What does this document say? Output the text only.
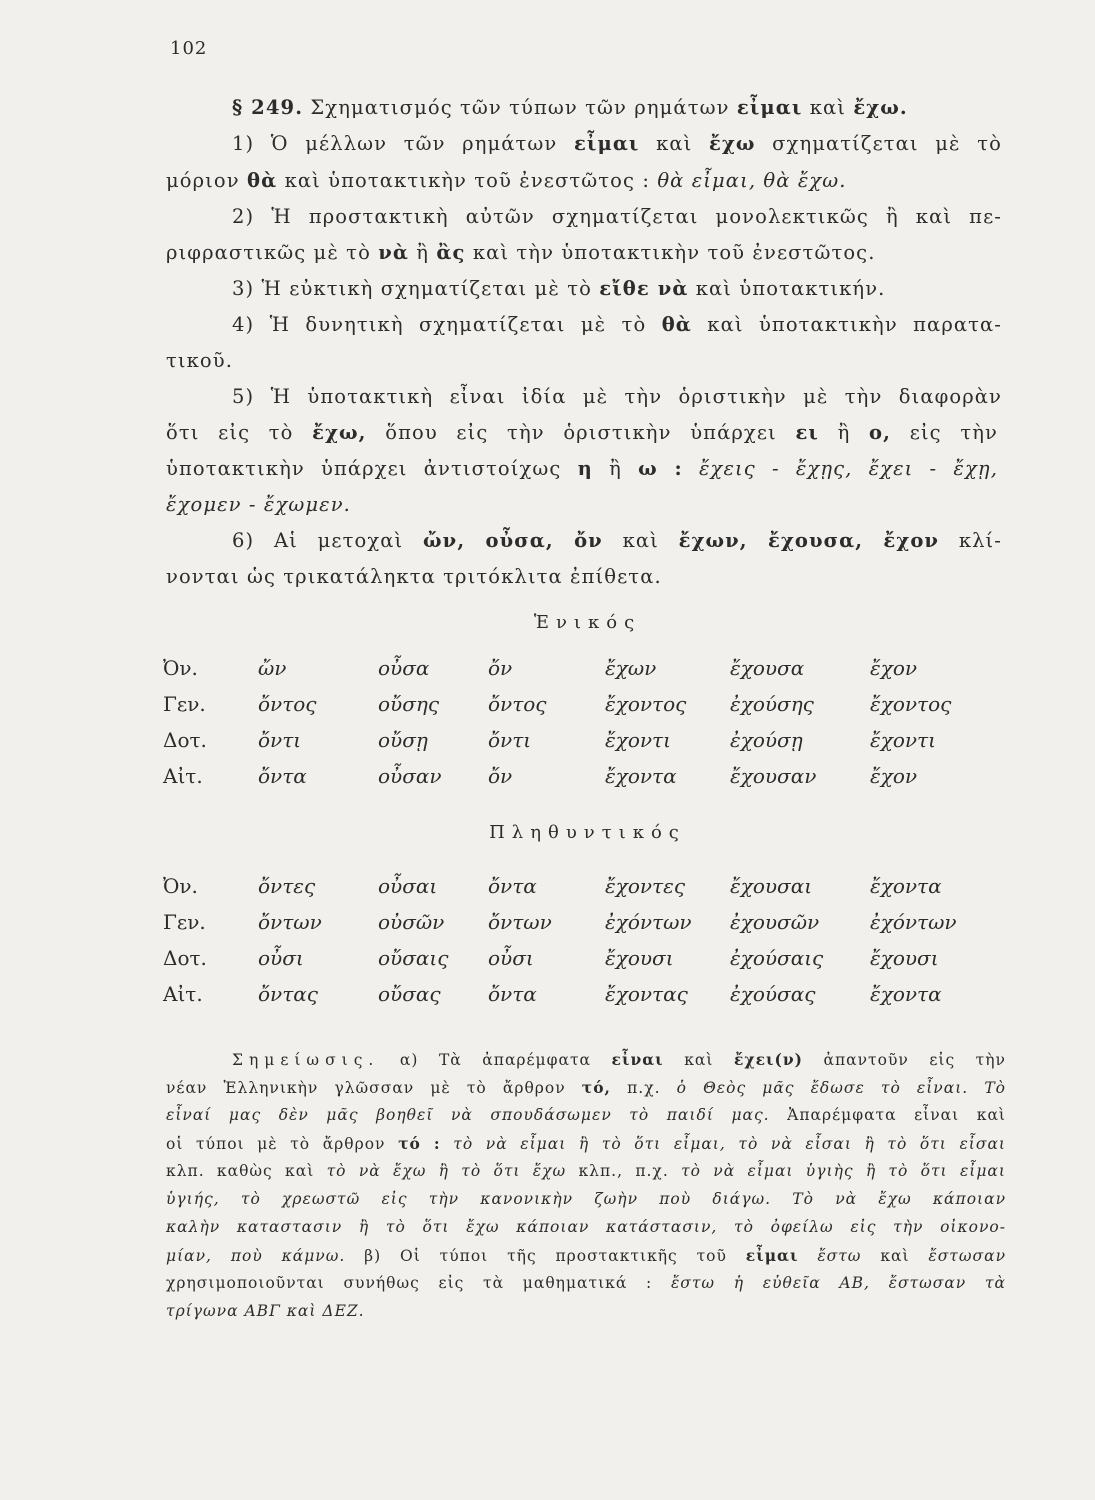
102
§ 249. Σχηματισμός τῶν τύπων τῶν ρημάτων εἶμαι καὶ ἔχω.
1) Ὁ μέλλων τῶν ρημάτων εἶμαι καὶ ἔχω σχηματίζεται μὲ τὸ
μόριον θὰ καὶ ὑποτακτικὴν τοῦ ἐνεστῶτος : θὰ εἶμαι, θὰ ἔχω.
2) Ἡ προστακτικὴ αὐτῶν σχηματίζεται μονολεκτικῶς ἢ καὶ πε-
ριφραστικῶς μὲ τὸ νὰ ἢ ἂς καὶ τὴν ὑποτακτικὴν τοῦ ἐνεστῶτος.
3) Ἡ εὐκτικὴ σχηματίζεται μὲ τὸ εἴθε νὰ καὶ ὑποτακτικήν.
4) Ἡ δυνητικὴ σχηματίζεται μὲ τὸ θὰ καὶ ὑποτακτικὴν παρατα-
τικοῦ.
5) Ἡ ὑποτακτικὴ εἶναι ἰδία μὲ τὴν ὁριστικὴν μὲ τὴν διαφορὰν
ὅτι εἰς τὸ ἔχω, ὅπου εἰς τὴν ὁριστικὴν ὑπάρχει ει ἢ ο, εἰς τὴν
ὑποτακτικὴν ὑπάρχει ἀντιστοίχως η ἢ ω : ἔχεις - ἔχῃς, ἔχει - ἔχῃ,
ἔχομεν - ἔχωμεν.
6) Αἱ μετοχαὶ ὤν, οὖσα, ὄν καὶ ἔχων, ἔχουσα, ἔχον κλί-
νονται ὡς τρικατάληκτα τριτόκλιτα ἐπίθετα.
Ἑνικός
Ὀν.	ὤν	οὖσα	ὄν	ἔχων	ἔχουσα	ἔχον
Γεν.	ὄντος	οὔσης	ὄντος	ἔχοντος	ἐχούσης	ἔχοντος
Δοτ.	ὄντι	οὔσῃ	ὄντι	ἔχοντι	ἐχούσῃ	ἔχοντι
Αἰτ.	ὄντα	οὖσαν	ὄν	ἔχοντα	ἔχουσαν	ἔχον
Πληθυντικός
Ὀν.	ὄντες	οὖσαι	ὄντα	ἔχοντες	ἔχουσαι	ἔχοντα
Γεν.	ὄντων	οὐσῶν	ὄντων	ἐχόντων	ἐχουσῶν	ἐχόντων
Δοτ.	οὖσι	οὔσαις	οὖσι	ἔχουσι	ἐχούσαις	ἔχουσι
Αἰτ.	ὄντας	οὔσας	ὄντα	ἔχοντας	ἐχούσας	ἔχοντα
Σημείωσις. α) Τὰ ἀπαρέμφατα εἶναι καὶ ἔχει(ν) ἀπαντοῦν εἰς τὴν
νέαν Ἑλληνικὴν γλῶσσαν μὲ τὸ ἄρθρον τό, π.χ. ὁ Θεὸς μᾶς ἔδωσε τὸ εἶναι. Τὸ
εἶναί μας δὲν μᾶς βοηθεῖ νὰ σπουδάσωμεν τὸ παιδί μας. Ἀπαρέμφατα εἶναι καὶ
οἱ τύποι μὲ τὸ ἄρθρον τό : τὸ νὰ εἶμαι ἢ τὸ ὅτι εἶμαι, τὸ νὰ εἶσαι ἢ τὸ ὅτι εἶσαι
κλπ. καθὼς καὶ τὸ νὰ ἔχω ἢ τὸ ὅτι ἔχω κλπ., π.χ. τὸ νὰ εἶμαι ὑγιὴς ἢ τὸ ὅτι εἶμαι
ὑγιής, τὸ χρεωστῶ εἰς τὴν κανονικὴν ζωὴν ποὺ διάγω. Τὸ νὰ ἔχω κάποιαν
καλὴν καταστασιν ἢ τὸ ὅτι ἔχω κάποιαν κατάστασιν, τὸ ὀφείλω εἰς τὴν οἰκονο-
μίαν, ποὺ κάμνω. β) Οἱ τύποι τῆς προστακτικῆς τοῦ εἶμαι ἔστω καὶ ἔστωσαν
χρησιμοποιοῦνται συνήθως εἰς τὰ μαθηματικά : ἔστω ἡ εὐθεῖα ΑΒ, ἔστωσαν τὰ
τρίγωνα ΑΒΓ καὶ ΔΕΖ.
